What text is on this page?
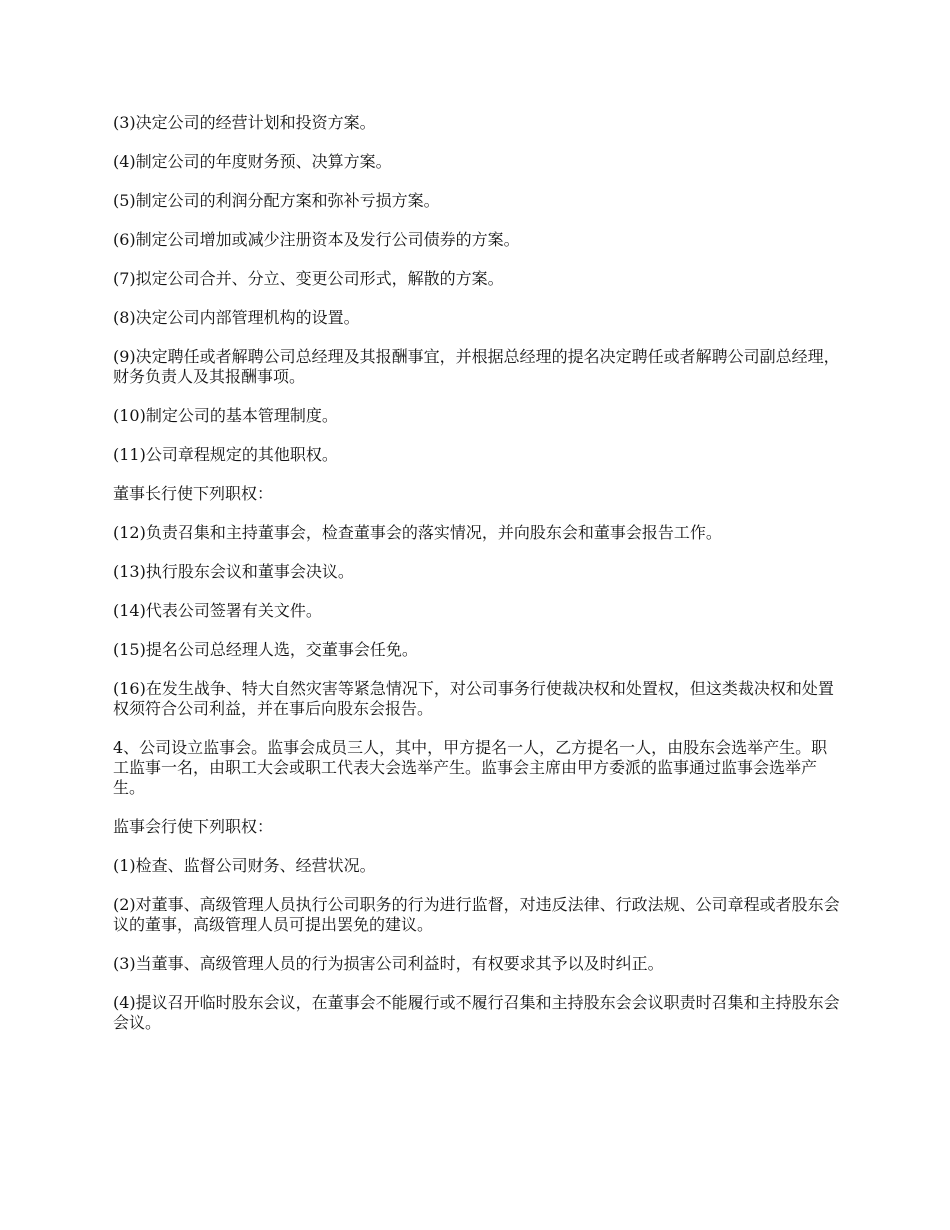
(3)决定公司的经营计划和投资方案。

(4)制定公司的年度财务预、决算方案。

(5)制定公司的利润分配方案和弥补亏损方案。

(6)制定公司增加或减少注册资本及发行公司债券的方案。

(7)拟定公司合并、分立、变更公司形式，解散的方案。

(8)决定公司内部管理机构的设置。

(9)决定聘任或者解聘公司总经理及其报酬事宜，并根据总经理的提名决定聘任或者解聘公司副总经理，财务负责人及其报酬事项。

(10)制定公司的基本管理制度。

(11)公司章程规定的其他职权。

董事长行使下列职权：

(12)负责召集和主持董事会，检查董事会的落实情况，并向股东会和董事会报告工作。

(13)执行股东会议和董事会决议。

(14)代表公司签署有关文件。

(15)提名公司总经理人选，交董事会任免。

(16)在发生战争、特大自然灾害等紧急情况下，对公司事务行使裁决权和处置权，但这类裁决权和处置权须符合公司利益，并在事后向股东会报告。

4、公司设立监事会。监事会成员三人，其中，甲方提名一人，乙方提名一人，由股东会选举产生。职工监事一名，由职工大会或职工代表大会选举产生。监事会主席由甲方委派的监事通过监事会选举产生。

监事会行使下列职权：

(1)检查、监督公司财务、经营状况。

(2)对董事、高级管理人员执行公司职务的行为进行监督，对违反法律、行政法规、公司章程或者股东会议的董事，高级管理人员可提出罢免的建议。

(3)当董事、高级管理人员的行为损害公司利益时，有权要求其予以及时纠正。

(4)提议召开临时股东会议，在董事会不能履行或不履行召集和主持股东会会议职责时召集和主持股东会会议。
